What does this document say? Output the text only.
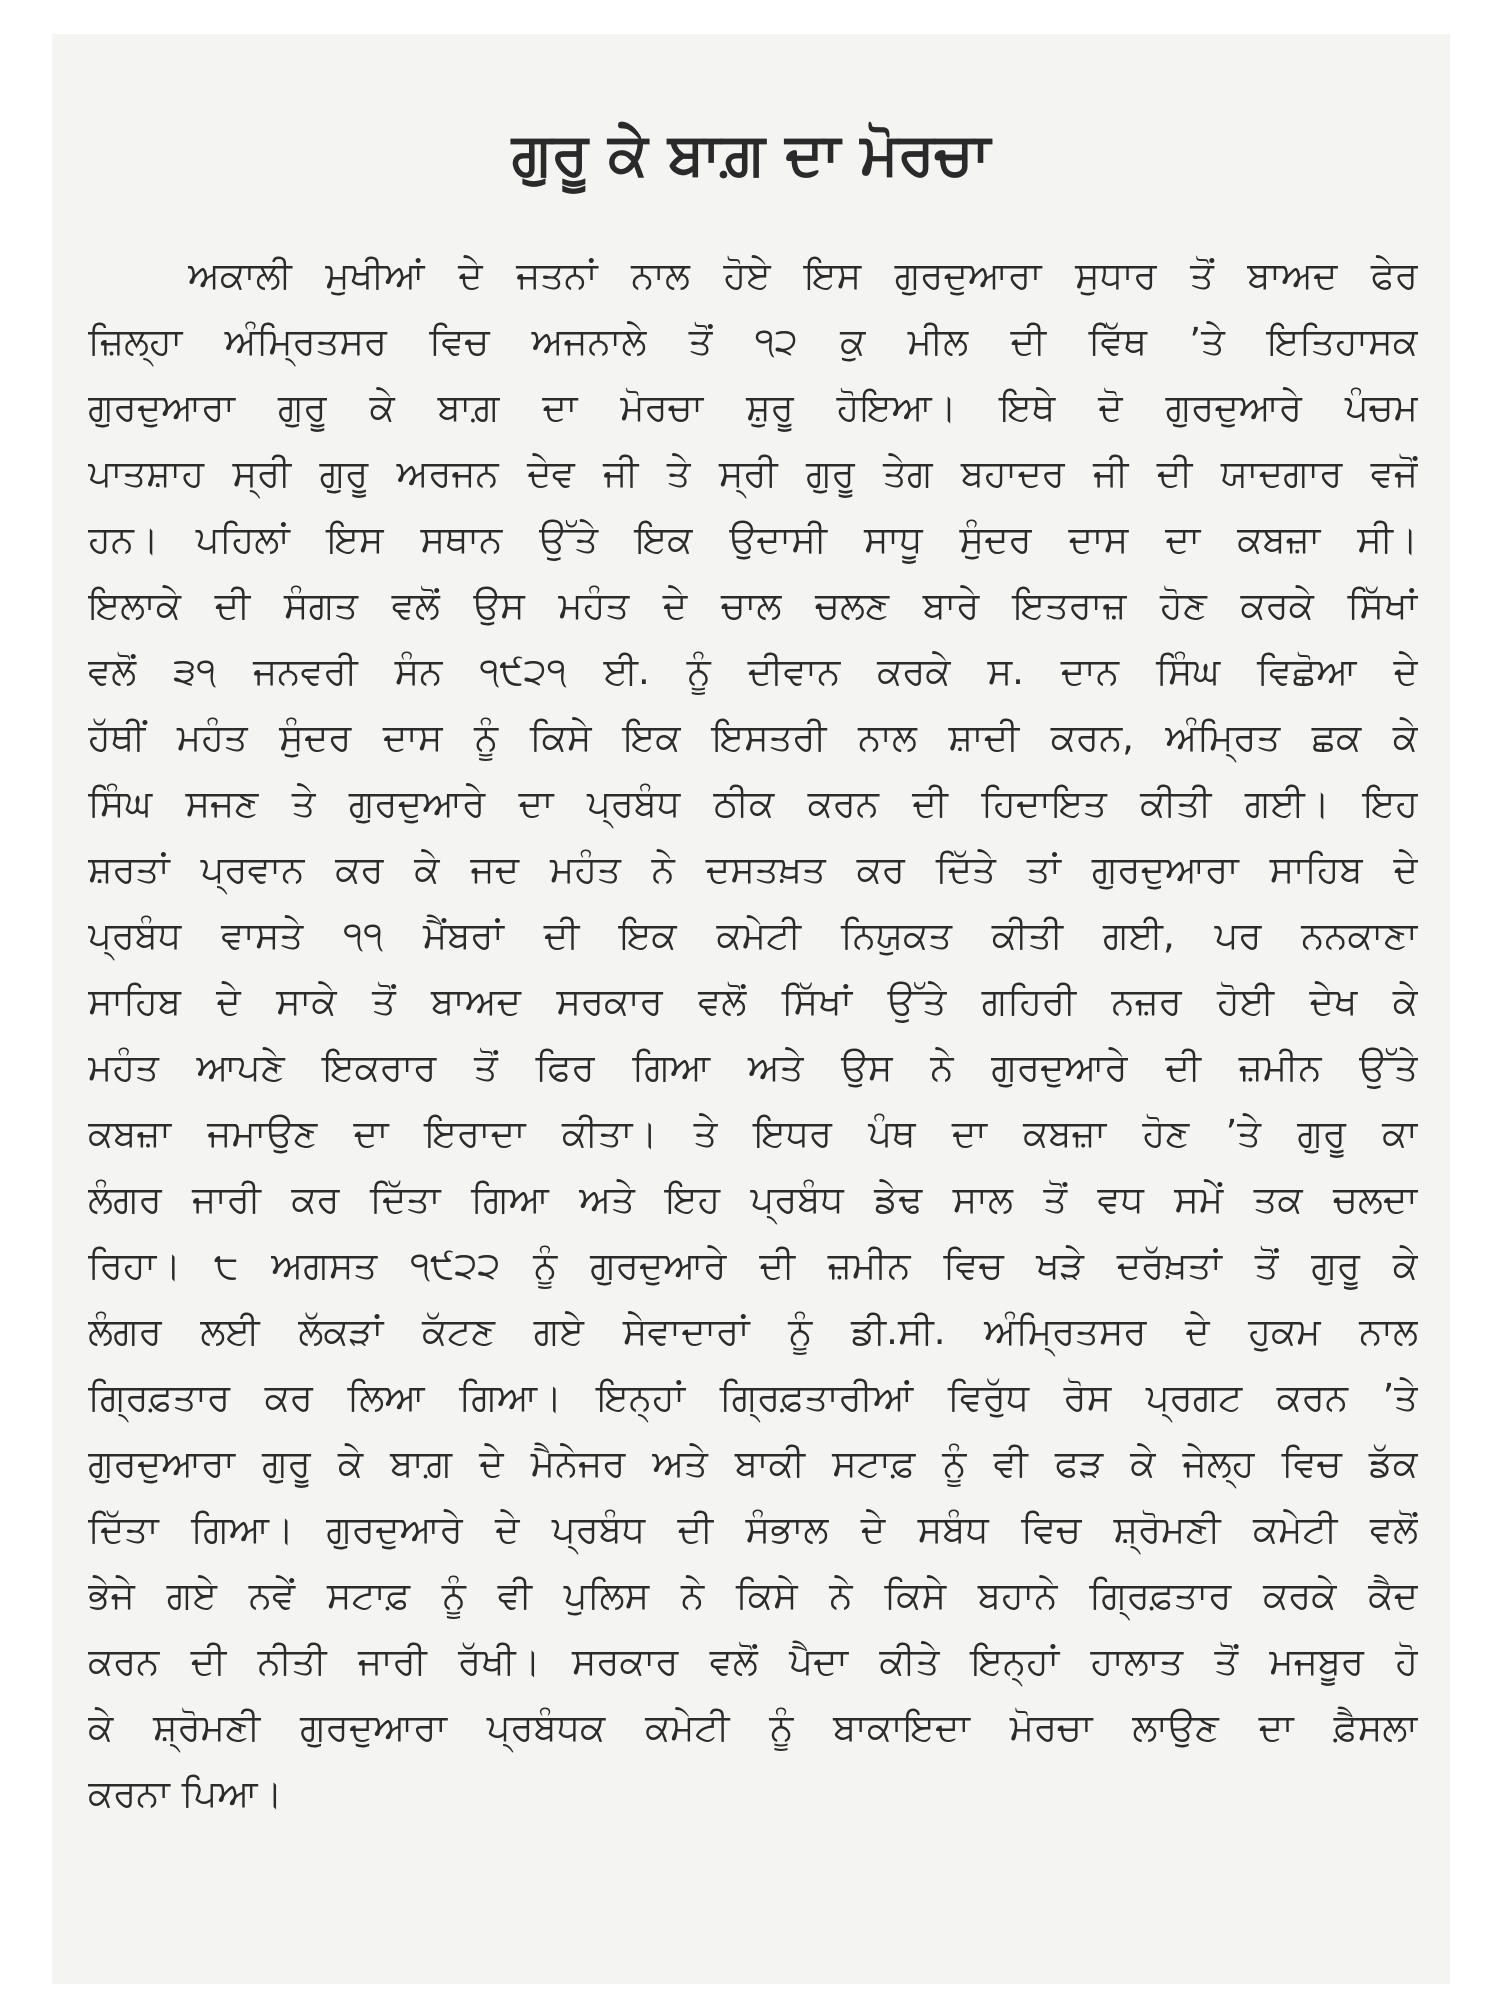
ਗੁਰੂ ਕੇ ਬਾਗ਼ ਦਾ ਮੋਰਚਾ
ਅਕਾਲੀ ਮੁਖੀਆਂ ਦੇ ਜਤਨਾਂ ਨਾਲ ਹੋਏ ਇਸ ਗੁਰਦੁਆਰਾ ਸੁਧਾਰ ਤੋਂ ਬਾਅਦ ਫੇਰ
ਜ਼ਿਲ੍ਹਾ ਅੰਮ੍ਰਿਤਸਰ ਵਿਚ ਅਜਨਾਲੇ ਤੋਂ ੧੨ ਕੁ ਮੀਲ ਦੀ ਵਿੱਥ ’ਤੇ ਇਤਿਹਾਸਕ
ਗੁਰਦੁਆਰਾ ਗੁਰੂ ਕੇ ਬਾਗ਼ ਦਾ ਮੋਰਚਾ ਸ਼ੁਰੂ ਹੋਇਆ। ਇਥੇ ਦੋ ਗੁਰਦੁਆਰੇ ਪੰਚਮ
ਪਾਤਸ਼ਾਹ ਸ੍ਰੀ ਗੁਰੂ ਅਰਜਨ ਦੇਵ ਜੀ ਤੇ ਸ੍ਰੀ ਗੁਰੂ ਤੇਗ ਬਹਾਦਰ ਜੀ ਦੀ ਯਾਦਗਾਰ ਵਜੋਂ
ਹਨ। ਪਹਿਲਾਂ ਇਸ ਸਥਾਨ ਉੱਤੇ ਇਕ ਉਦਾਸੀ ਸਾਧੂ ਸੁੰਦਰ ਦਾਸ ਦਾ ਕਬਜ਼ਾ ਸੀ।
ਇਲਾਕੇ ਦੀ ਸੰਗਤ ਵਲੋਂ ਉਸ ਮਹੰਤ ਦੇ ਚਾਲ ਚਲਣ ਬਾਰੇ ਇਤਰਾਜ਼ ਹੋਣ ਕਰਕੇ ਸਿੱਖਾਂ
ਵਲੋਂ ੩੧ ਜਨਵਰੀ ਸੰਨ ੧੯੨੧ ਈ. ਨੂੰ ਦੀਵਾਨ ਕਰਕੇ ਸ. ਦਾਨ ਸਿੰਘ ਵਿਛੋਆ ਦੇ
ਹੱਥੀਂ ਮਹੰਤ ਸੁੰਦਰ ਦਾਸ ਨੂੰ ਕਿਸੇ ਇਕ ਇਸਤਰੀ ਨਾਲ ਸ਼ਾਦੀ ਕਰਨ, ਅੰਮ੍ਰਿਤ ਛਕ ਕੇ
ਸਿੰਘ ਸਜਣ ਤੇ ਗੁਰਦੁਆਰੇ ਦਾ ਪ੍ਰਬੰਧ ਠੀਕ ਕਰਨ ਦੀ ਹਿਦਾਇਤ ਕੀਤੀ ਗਈ। ਇਹ
ਸ਼ਰਤਾਂ ਪ੍ਰਵਾਨ ਕਰ ਕੇ ਜਦ ਮਹੰਤ ਨੇ ਦਸਤਖ਼ਤ ਕਰ ਦਿੱਤੇ ਤਾਂ ਗੁਰਦੁਆਰਾ ਸਾਹਿਬ ਦੇ
ਪ੍ਰਬੰਧ ਵਾਸਤੇ ੧੧ ਮੈਂਬਰਾਂ ਦੀ ਇਕ ਕਮੇਟੀ ਨਿਯੁਕਤ ਕੀਤੀ ਗਈ, ਪਰ ਨਨਕਾਣਾ
ਸਾਹਿਬ ਦੇ ਸਾਕੇ ਤੋਂ ਬਾਅਦ ਸਰਕਾਰ ਵਲੋਂ ਸਿੱਖਾਂ ਉੱਤੇ ਗਹਿਰੀ ਨਜ਼ਰ ਹੋਈ ਦੇਖ ਕੇ
ਮਹੰਤ ਆਪਣੇ ਇਕਰਾਰ ਤੋਂ ਫਿਰ ਗਿਆ ਅਤੇ ਉਸ ਨੇ ਗੁਰਦੁਆਰੇ ਦੀ ਜ਼ਮੀਨ ਉੱਤੇ
ਕਬਜ਼ਾ ਜਮਾਉਣ ਦਾ ਇਰਾਦਾ ਕੀਤਾ। ਤੇ ਇਧਰ ਪੰਥ ਦਾ ਕਬਜ਼ਾ ਹੋਣ ’ਤੇ ਗੁਰੂ ਕਾ
ਲੰਗਰ ਜਾਰੀ ਕਰ ਦਿੱਤਾ ਗਿਆ ਅਤੇ ਇਹ ਪ੍ਰਬੰਧ ਡੇਢ ਸਾਲ ਤੋਂ ਵਧ ਸਮੇਂ ਤਕ ਚਲਦਾ
ਰਿਹਾ। ੮ ਅਗਸਤ ੧੯੨੨ ਨੂੰ ਗੁਰਦੁਆਰੇ ਦੀ ਜ਼ਮੀਨ ਵਿਚ ਖੜੇ ਦਰੱਖ਼ਤਾਂ ਤੋਂ ਗੁਰੂ ਕੇ
ਲੰਗਰ ਲਈ ਲੱਕੜਾਂ ਕੱਟਣ ਗਏ ਸੇਵਾਦਾਰਾਂ ਨੂੰ ਡੀ.ਸੀ. ਅੰਮ੍ਰਿਤਸਰ ਦੇ ਹੁਕਮ ਨਾਲ
ਗ੍ਰਿਫ਼ਤਾਰ ਕਰ ਲਿਆ ਗਿਆ। ਇਨ੍ਹਾਂ ਗ੍ਰਿਫ਼ਤਾਰੀਆਂ ਵਿਰੁੱਧ ਰੋਸ ਪ੍ਰਗਟ ਕਰਨ ’ਤੇ
ਗੁਰਦੁਆਰਾ ਗੁਰੂ ਕੇ ਬਾਗ਼ ਦੇ ਮੈਨੇਜਰ ਅਤੇ ਬਾਕੀ ਸਟਾਫ਼ ਨੂੰ ਵੀ ਫੜ ਕੇ ਜੇਲ੍ਹ ਵਿਚ ਡੱਕ
ਦਿੱਤਾ ਗਿਆ। ਗੁਰਦੁਆਰੇ ਦੇ ਪ੍ਰਬੰਧ ਦੀ ਸੰਭਾਲ ਦੇ ਸਬੰਧ ਵਿਚ ਸ਼੍ਰੋਮਣੀ ਕਮੇਟੀ ਵਲੋਂ
ਭੇਜੇ ਗਏ ਨਵੇਂ ਸਟਾਫ਼ ਨੂੰ ਵੀ ਪੁਲਿਸ ਨੇ ਕਿਸੇ ਨੇ ਕਿਸੇ ਬਹਾਨੇ ਗ੍ਰਿਫ਼ਤਾਰ ਕਰਕੇ ਕੈਦ
ਕਰਨ ਦੀ ਨੀਤੀ ਜਾਰੀ ਰੱਖੀ। ਸਰਕਾਰ ਵਲੋਂ ਪੈਦਾ ਕੀਤੇ ਇਨ੍ਹਾਂ ਹਾਲਾਤ ਤੋਂ ਮਜਬੂਰ ਹੋ
ਕੇ ਸ਼੍ਰੋਮਣੀ ਗੁਰਦੁਆਰਾ ਪ੍ਰਬੰਧਕ ਕਮੇਟੀ ਨੂੰ ਬਾਕਾਇਦਾ ਮੋਰਚਾ ਲਾਉਣ ਦਾ ਫ਼ੈਸਲਾ
ਕਰਨਾ ਪਿਆ।
